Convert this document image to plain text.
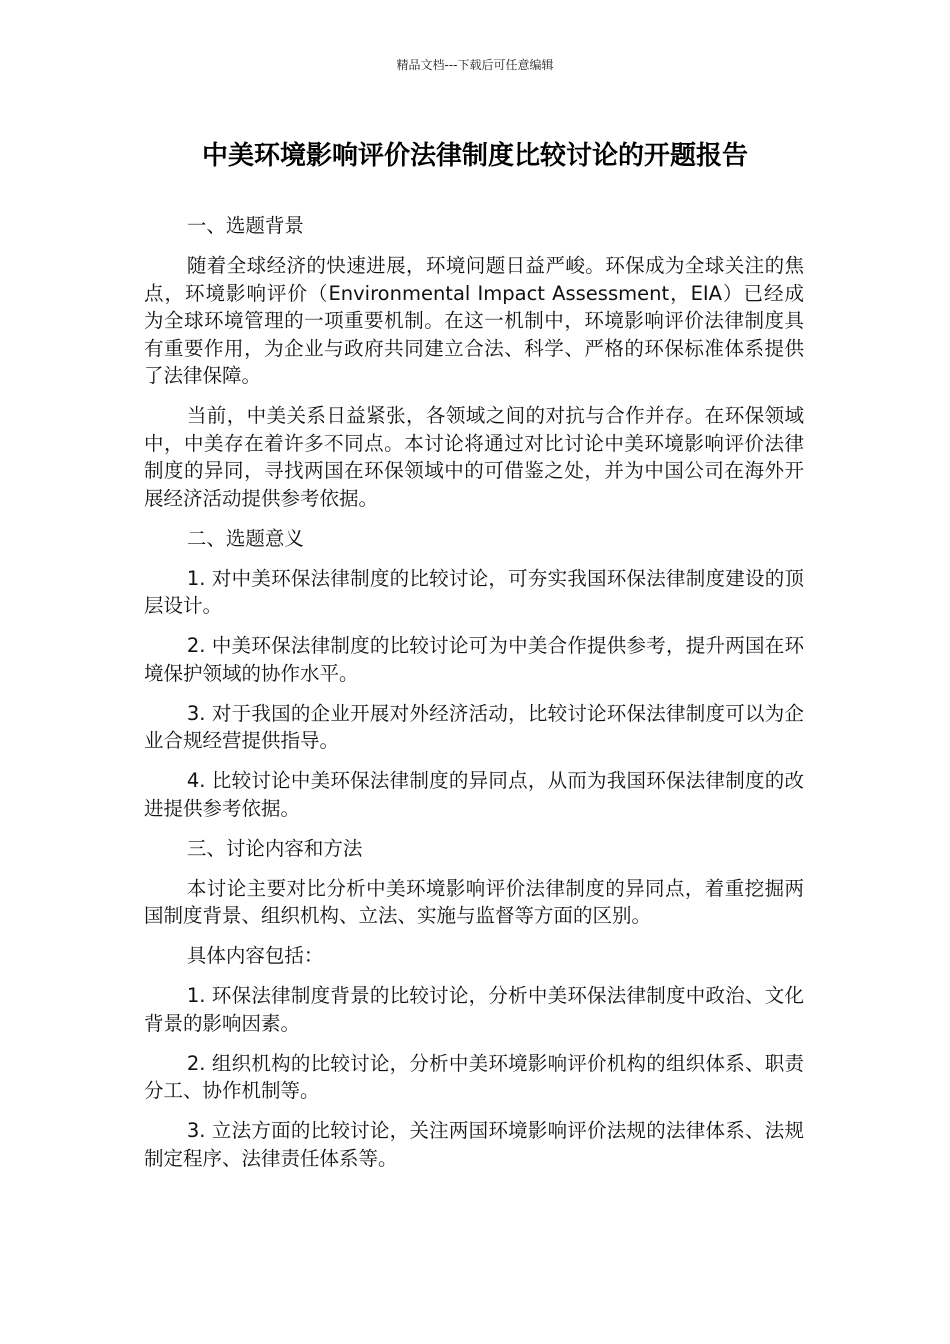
精品文档---下载后可任意编辑
中美环境影响评价法律制度比较讨论的开题报告

一、选题背景

随着全球经济的快速进展，环境问题日益严峻。环保成为全球关注的焦点，环境影响评价（Environmental Impact Assessment，EIA）已经成为全球环境管理的一项重要机制。在这一机制中，环境影响评价法律制度具有重要作用，为企业与政府共同建立合法、科学、严格的环保标准体系提供了法律保障。

当前，中美关系日益紧张，各领域之间的对抗与合作并存。在环保领域中，中美存在着许多不同点。本讨论将通过对比讨论中美环境影响评价法律制度的异同，寻找两国在环保领域中的可借鉴之处，并为中国公司在海外开展经济活动提供参考依据。

二、选题意义

1. 对中美环保法律制度的比较讨论，可夯实我国环保法律制度建设的顶层设计。

2. 中美环保法律制度的比较讨论可为中美合作提供参考，提升两国在环境保护领域的协作水平。

3. 对于我国的企业开展对外经济活动，比较讨论环保法律制度可以为企业合规经营提供指导。

4. 比较讨论中美环保法律制度的异同点，从而为我国环保法律制度的改进提供参考依据。

三、讨论内容和方法

本讨论主要对比分析中美环境影响评价法律制度的异同点，着重挖掘两国制度背景、组织机构、立法、实施与监督等方面的区别。

具体内容包括：

1. 环保法律制度背景的比较讨论，分析中美环保法律制度中政治、文化背景的影响因素。

2. 组织机构的比较讨论，分析中美环境影响评价机构的组织体系、职责分工、协作机制等。

3. 立法方面的比较讨论，关注两国环境影响评价法规的法律体系、法规制定程序、法律责任体系等。
